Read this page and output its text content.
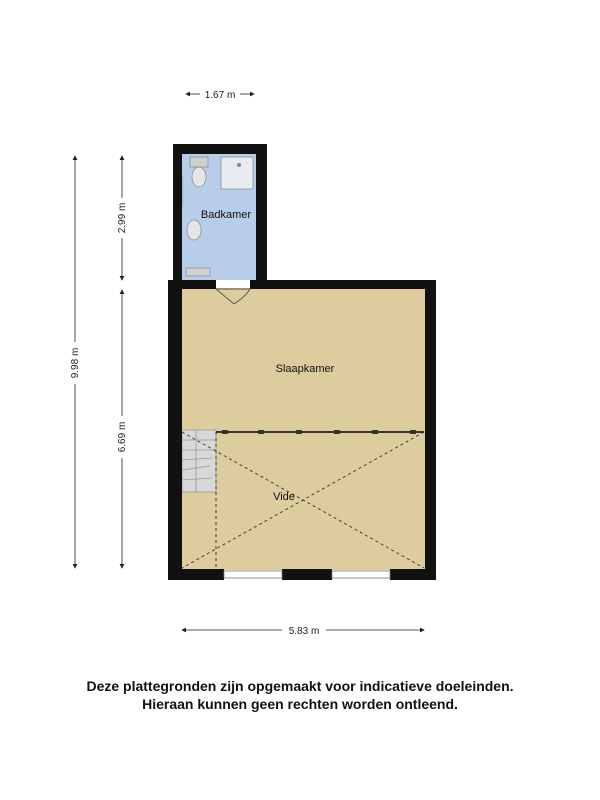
Badkamer
Slaapkamer
Vide
1.67 m
9.98 m
2.99 m
6.69 m
5.83 m
Deze plattegronden zijn opgemaakt voor indicatieve doeleinden.
Hieraan kunnen geen rechten worden ontleend.
